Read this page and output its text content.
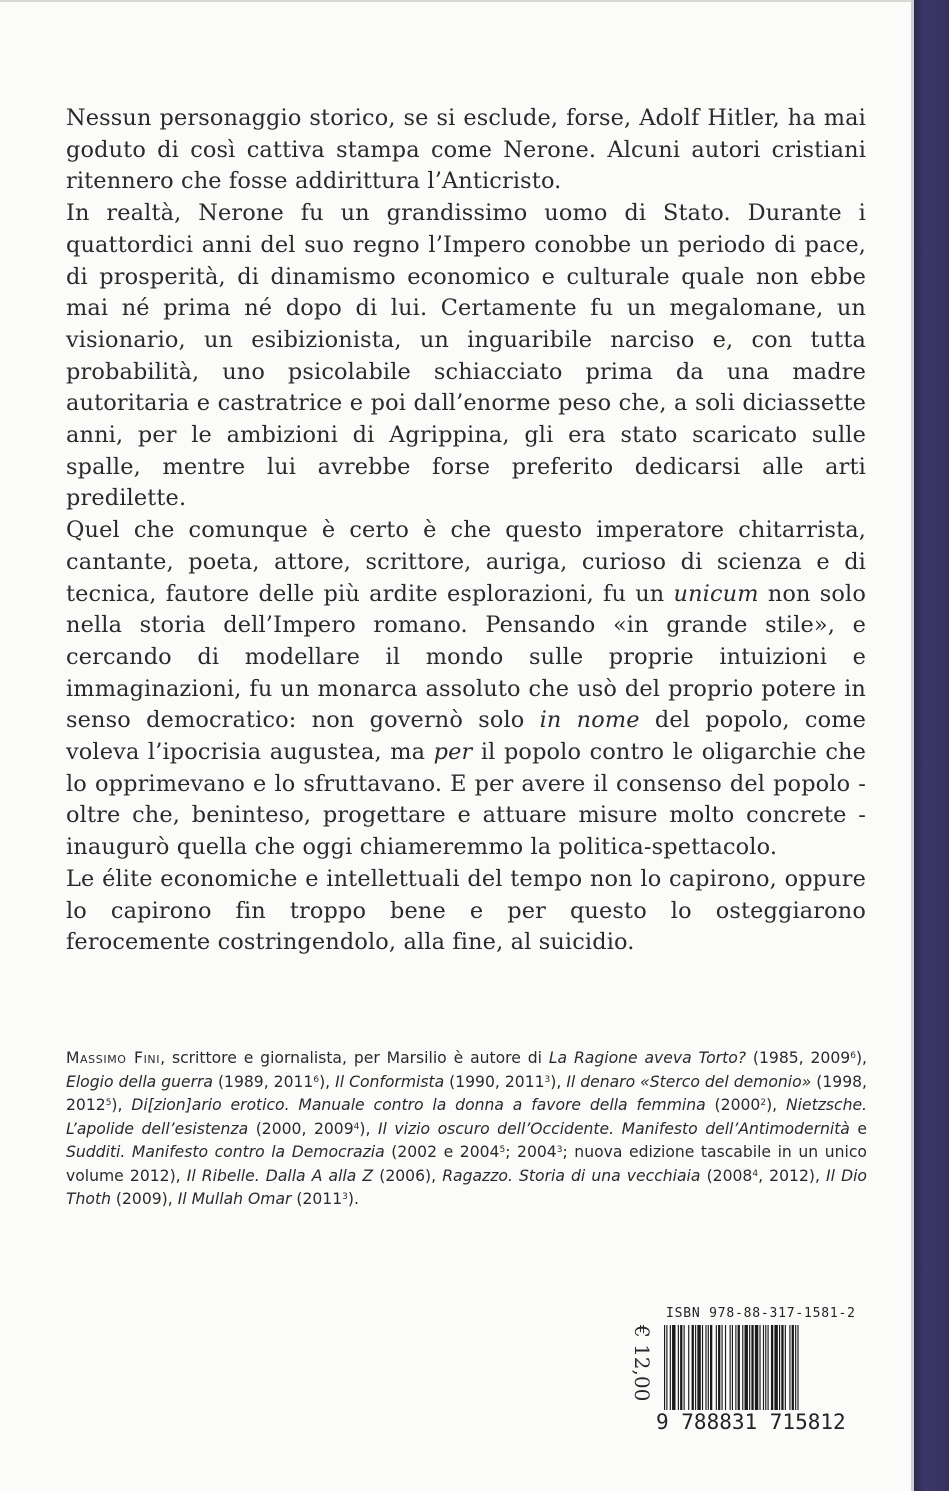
Nessun personaggio storico, se si esclude, forse, Adolf Hitler, ha mai goduto di così cattiva stampa come Nerone. Alcuni autori cristiani ritennero che fosse addirittura l’Anticristo.

In realtà, Nerone fu un grandissimo uomo di Stato. Durante i quattordici anni del suo regno l’Impero conobbe un periodo di pace, di prosperità, di dinamismo economico e culturale quale non ebbe mai né prima né dopo di lui. Certamente fu un megalomane, un visionario, un esibizionista, un inguaribile narciso e, con tutta probabilità, uno psicolabile schiacciato prima da una madre autoritaria e castratrice e poi dall’enorme peso che, a soli diciassette anni, per le ambizioni di Agrippina, gli era stato scaricato sulle spalle, mentre lui avrebbe forse preferito dedicarsi alle arti predilette.

Quel che comunque è certo è che questo imperatore chitarrista, cantante, poeta, attore, scrittore, auriga, curioso di scienza e di tecnica, fautore delle più ardite esplorazioni, fu un unicum non solo nella storia dell’Impero romano. Pensando «in grande stile», e cercando di modellare il mondo sulle proprie intuizioni e immaginazioni, fu un monarca assoluto che usò del proprio potere in senso democratico: non governò solo in nome del popolo, come voleva l’ipocrisia augustea, ma per il popolo contro le oligarchie che lo opprimevano e lo sfruttavano. E per avere il consenso del popolo - oltre che, beninteso, progettare e attuare misure molto concrete - inaugurò quella che oggi chiameremmo la politica-spettacolo.

Le élite economiche e intellettuali del tempo non lo capirono, oppure lo capirono fin troppo bene e per questo lo osteggiarono ferocemente costringendolo, alla fine, al suicidio.

Massimo Fini, scrittore e giornalista, per Marsilio è autore di La Ragione aveva Torto? (1985, 2009$^6$), Elogio della guerra (1989, 2011$^6$), Il Conformista (1990, 2011$^3$), Il denaro «Sterco del demonio» (1998, 2012$^5$), Di[zion]ario erotico. Manuale contro la donna a favore della femmina (2000$^2$), Nietzsche. L’apolide dell’esistenza (2000, 2009$^4$), Il vizio oscuro dell’Occidente. Manifesto dell’Antimodernità e Sudditi. Manifesto contro la Democrazia (2002 e 2004$^5$; 2004$^3$; nuova edizione tascabile in un unico volume 2012), Il Ribelle. Dalla A alla Z (2006), Ragazzo. Storia di una vecchiaia (2008$^4$, 2012), Il Dio Thoth (2009), Il Mullah Omar (2011$^3$).
€ 12,00
ISBN 978-88-317-1581-2
9 788831 715812
